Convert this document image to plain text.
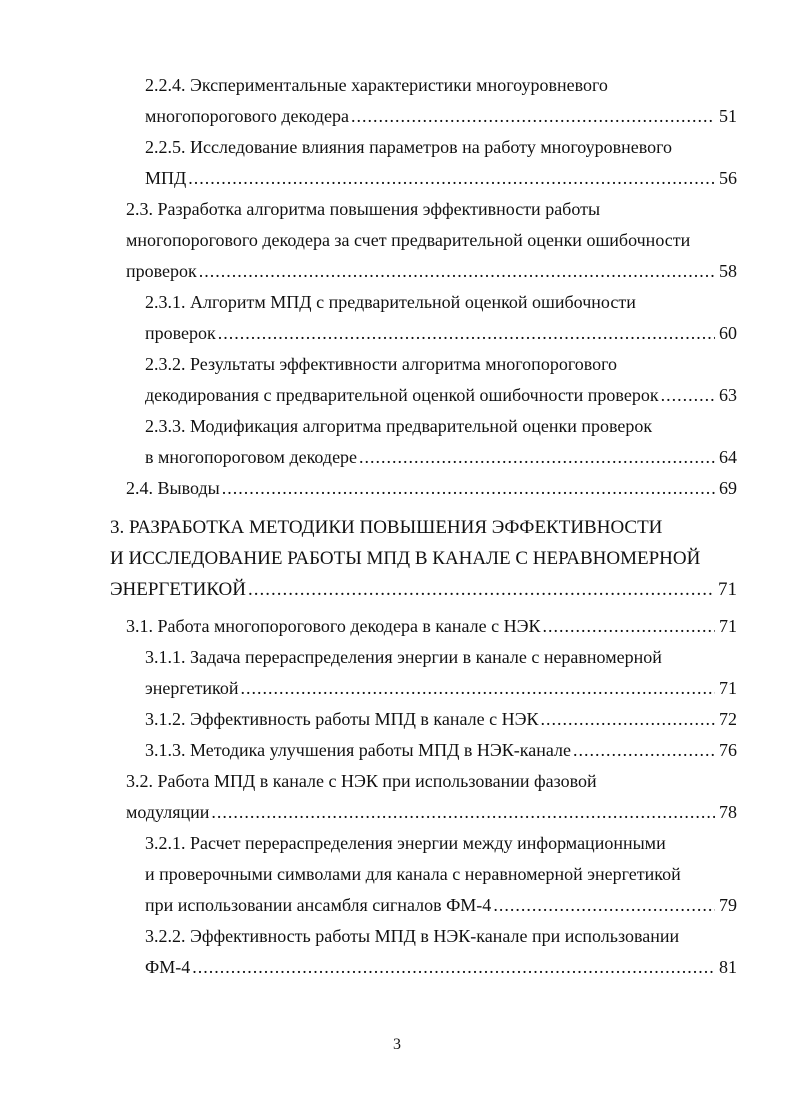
2.2.4. Экспериментальные характеристики многоуровневого
многопорогового декодера .....	51
2.2.5. Исследование влияния параметров на работу многоуровневого
МПД .....	56
2.3. Разработка алгоритма повышения эффективности работы
многопорогового декодера за счет предварительной оценки ошибочности
проверок .....	58
2.3.1. Алгоритм МПД с предварительной оценкой ошибочности
проверок .....	60
2.3.2. Результаты эффективности алгоритма многопорогового
декодирования с предварительной оценкой ошибочности проверок .....	63
2.3.3. Модификация алгоритма предварительной оценки проверок
в многопороговом декодере .....	64
2.4. Выводы .....	69
3. РАЗРАБОТКА МЕТОДИКИ ПОВЫШЕНИЯ ЭФФЕКТИВНОСТИ
И ИССЛЕДОВАНИЕ РАБОТЫ МПД В КАНАЛЕ С НЕРАВНОМЕРНОЙ
ЭНЕРГЕТИКОЙ .....	71
3.1. Работа многопорогового декодера в канале с НЭК .....	71
3.1.1. Задача перераспределения энергии в канале с неравномерной
энергетикой .....	71
3.1.2. Эффективность работы МПД в канале с НЭК .....	72
3.1.3. Методика улучшения работы МПД в НЭК-канале .....	76
3.2. Работа МПД в канале с НЭК при использовании фазовой
модуляции .....	78
3.2.1. Расчет перераспределения энергии между информационными
и проверочными символами для канала с неравномерной энергетикой
при использовании ансамбля сигналов ФМ-4 .....	79
3.2.2. Эффективность работы МПД в НЭК-канале при использовании
ФМ-4 .....	81
3
